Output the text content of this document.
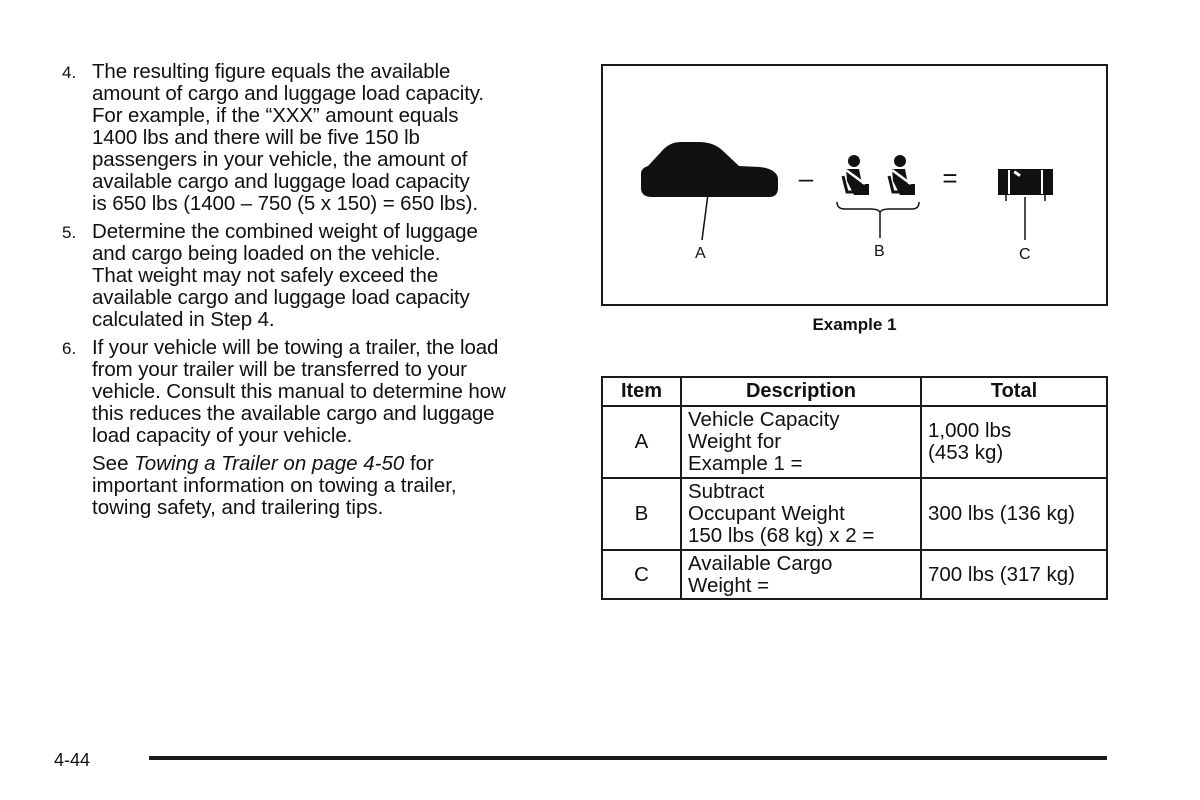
4. The resulting figure equals the available
amount of cargo and luggage load capacity.
For example, if the “XXX” amount equals
1400 lbs and there will be five 150 lb
passengers in your vehicle, the amount of
available cargo and luggage load capacity
is 650 lbs (1400 – 750 (5 x 150) = 650 lbs).
5. Determine the combined weight of luggage
and cargo being loaded on the vehicle.
That weight may not safely exceed the
available cargo and luggage load capacity
calculated in Step 4.
6. If your vehicle will be towing a trailer, the load
from your trailer will be transferred to your
vehicle. Consult this manual to determine how
this reduces the available cargo and luggage
load capacity of your vehicle.
See Towing a Trailer on page 4-50 for
important information on towing a trailer,
towing safety, and trailering tips.
A
–
B
=
C
Example 1
Item	Description	Total
A	Vehicle Capacity
Weight for
Example 1 =	1,000 lbs
(453 kg)
B	Subtract
Occupant Weight
150 lbs (68 kg) x 2 =	300 lbs (136 kg)
C	Available Cargo
Weight =	700 lbs (317 kg)
4-44
